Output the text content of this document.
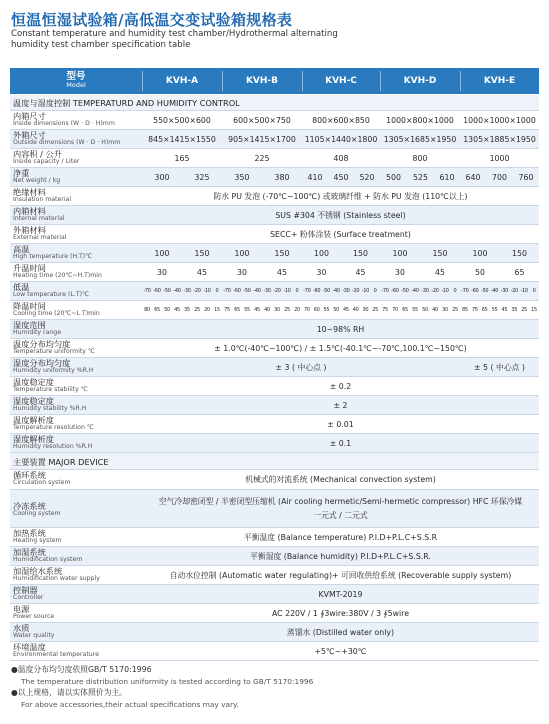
恒温恒湿试验箱/高低温交变试验箱规格表
Constant temperature and humidity test chamber/Hydrothermal alternating
humidity test chamber specification table
型号
Model	KVH-A	KVH-B	KVH-C	KVH-D	KVH-E
温度与湿度控制 TEMPERATURD AND HUMIDITY CONTROL
内箱尺寸
Inside dimensions (W · D · H)mm	550×500×600	600×500×750	800×600×850	1000×800×1000	1000×1000×1000
外箱尺寸
Outside dimensions (W · D · H)mm	845×1415×1550	905×1415×1700	1105×1440×1800 1305×1685×1950 1305×1885×1950
内容积 / 公升
Inside capacity / Liter	165	225	408	800	1000
净重
Net weight / kg	300	325	350	380	410	450	520	500	525	610	640	700	760
绝缘材料
Insulation material	防水 PU 发泡 (-70℃~100℃) 或玻璃纤维 + 防水 PU 发泡 (110℃以上)
内箱材料
Internal material	SUS #304 不锈钢 (Stainless steel)
外箱材料
External material	SECC+ 粉体涂装 (Surface treatment)
高温
High temperature (H.T)℃	100	150	100	150	100	150	100	150	100	150
升温时间
Heating time (20℃~H.T)min	30	45	30	45	30	45	30	45	50	65
低温
Low temperature (L.T)℃	-70 -60 -50 -40 -30 -20 -10 0 -70 -60 -50 -40 -30 -20 -10 0 -70 -60 -50 -40 -30 -20 -10 0 -70 -60 -50 -40 -30 -20 -10 0 -70 -60 -50 -40 -30 -20 -10 0
降温时间
Cooling time (20℃~L.T)min	80 65 50 45 35 25 20 15 75 65 55 45 40 30 25 20 70 60 55 50 45 40 30 25 75 70 65 55 50 40 30 25 85 75 65 55 45 35 25 15
湿度范围
Humidity range	10~98% RH
温度分布均匀度
Temperature uniformity ℃	± 1.0℃(-40℃~100℃) / ± 1.5℃(-40.1℃~-70℃,100.1℃~150℃)
湿度分布均匀度
Humidity uniformity %R.H	± 3 ( 中心点 )	± 5 ( 中心点 )
温度稳定度
Temperature stability ℃	± 0.2
湿度稳定度
Humidity stability %R.H	± 2
温度解析度
Temperature resolution ℃	± 0.01
湿度解析度
Humidity resolution %R.H	± 0.1
主要装置 MAJOR DEVICE
循环系统
Circulation system	机械式的对流系统 (Mechanical convection system)
冷冻系统
Cooling system
空气冷却密闭型 / 半密闭型压缩机 (Air cooling hermetic/Semi-hermetic compressor) HFC 环保冷媒
一元式 / 二元式
加热系统
Heating system	平衡温度 (Balance temperature) P.I.D+P.L.C+S.S.R
加湿系统
Humidification system	平衡湿度 (Balance humidity) P.I.D+P.L.C+S.S.R.
加湿给水系统
Humidification water supply	自动水位控制 (Automatic water regulating)+ 可回收供给系统 (Recoverable supply system)
控制器
Controller	KVMT-2019
电源
Power source	AC 220V / 1 ∮3wire:380V / 3 ∮5wire
水质
Water quality	蒸馏水 (Distilled water only)
环境温度
Environmental temperature	+5℃~+30℃
●温度分布均匀度依照GB/T 5170:1996
The temperature distribution uniformity is tested according to GB/T 5170:1996
●以上规格，请以实体照价为主。
For above accessories,their actual specifications may vary.
